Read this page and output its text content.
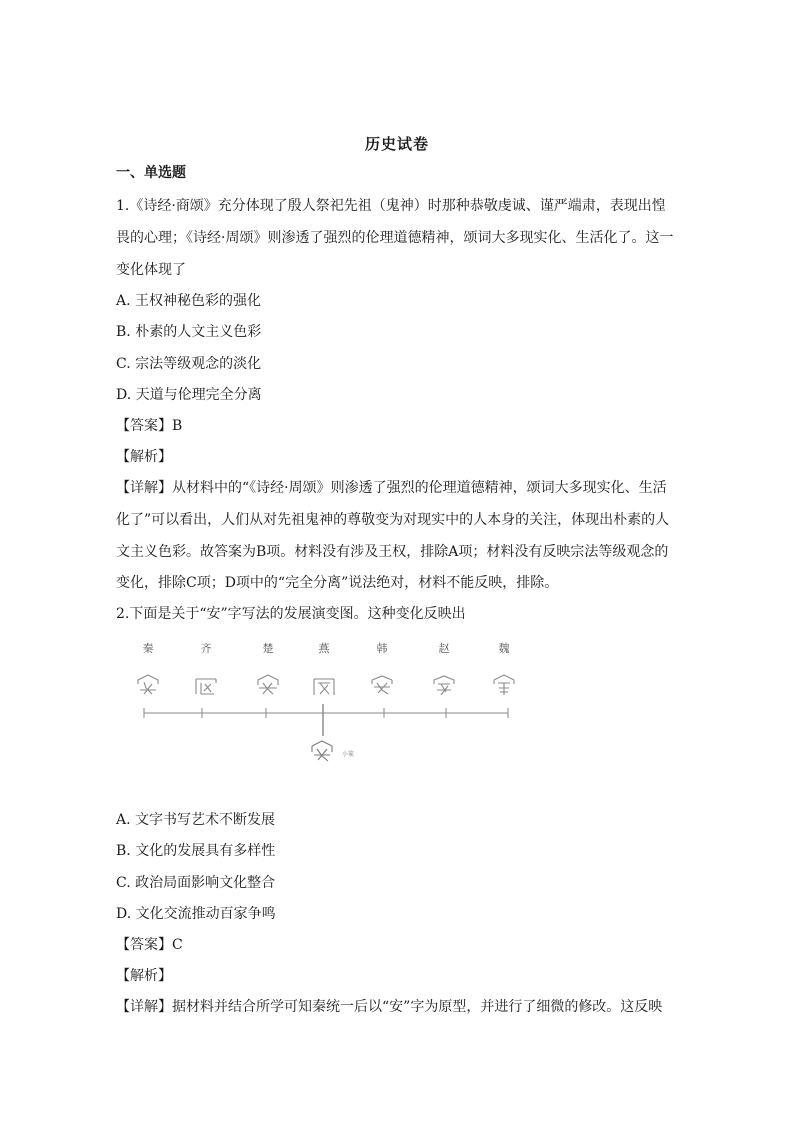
历史试卷
一、单选题
1.《诗经·商颂》充分体现了殷人祭祀先祖（鬼神）时那种恭敬虔诚、谨严端肃，表现出惶
畏的心理；《诗经·周颂》则渗透了强烈的伦理道德精神，颂词大多现实化、生活化了。这一
变化体现了
A. 王权神秘色彩的强化
B. 朴素的人文主义色彩
C. 宗法等级观念的淡化
D. 天道与伦理完全分离
【答案】B
【解析】
【详解】从材料中的“《诗经·周颂》则渗透了强烈的伦理道德精神，颂词大多现实化、生活
化了”可以看出，人们从对先祖鬼神的尊敬变为对现实中的人本身的关注，体现出朴素的人
文主义色彩。故答案为B项。材料没有涉及王权，排除A项；材料没有反映宗法等级观念的
变化，排除C项；D项中的“完全分离”说法绝对，材料不能反映，排除。
2.下面是关于“安”字写法的发展演变图。这种变化反映出
秦	齐	楚	燕	韩	赵	魏
小篆
A. 文字书写艺术不断发展
B. 文化的发展具有多样性
C. 政治局面影响文化整合
D. 文化交流推动百家争鸣
【答案】C
【解析】
【详解】据材料并结合所学可知秦统一后以“安”字为原型，并进行了细微的修改。这反映
